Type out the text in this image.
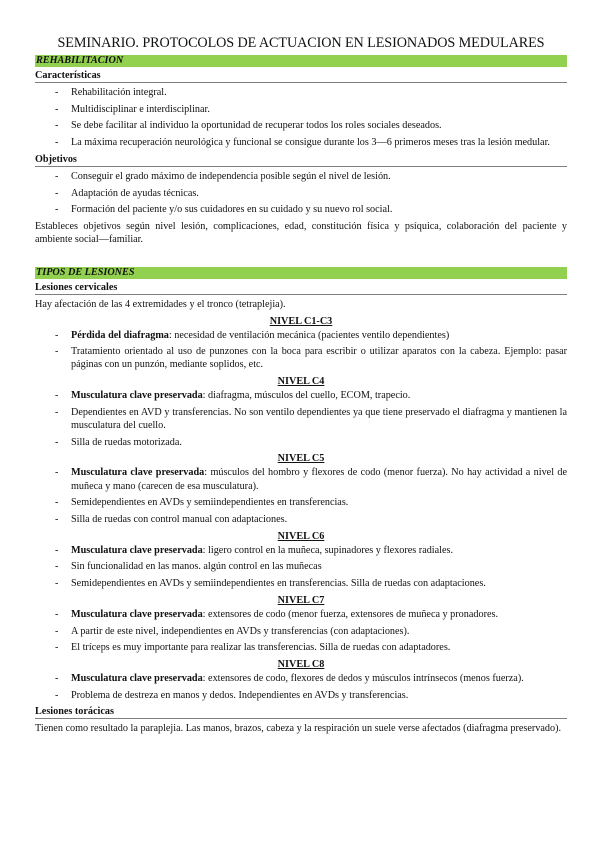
SEMINARIO. PROTOCOLOS DE ACTUACION EN LESIONADOS MEDULARES
REHABILITACION
Características
- Rehabilitación integral.
- Multidisciplinar e interdisciplinar.
- Se debe facilitar al individuo la oportunidad de recuperar todos los roles sociales deseados.
- La máxima recuperación neurológica y funcional se consigue durante los 3—6 primeros meses tras la lesión medular.
Objetivos
- Conseguir el grado máximo de independencia posible según el nivel de lesión.
- Adaptación de ayudas técnicas.
- Formación del paciente y/o sus cuidadores en su cuidado y su nuevo rol social.

Estableces objetivos según nivel lesión, complicaciones, edad, constitución física y psíquica, colaboración del paciente y ambiente social—familiar.

TIPOS DE LESIONES
Lesiones cervicales

Hay afectación de las 4 extremidades y el tronco (tetraplejia).

NIVEL C1-C3
- Pérdida del diafragma: necesidad de ventilación mecánica (pacientes ventilo dependientes)
- Tratamiento orientado al uso de punzones con la boca para escribir o utilizar aparatos con la cabeza. Ejemplo: pasar páginas con un punzón, mediante soplidos, etc.
NIVEL C4
- Musculatura clave preservada: diafragma, músculos del cuello, ECOM, trapecio.
- Dependientes en AVD y transferencias. No son ventilo dependientes ya que tiene preservado el diafragma y mantienen la musculatura del cuello.
- Silla de ruedas motorizada.
NIVEL C5
- Musculatura clave preservada: músculos del hombro y flexores de codo (menor fuerza). No hay actividad a nivel de muñeca y mano (carecen de esa musculatura).
- Semidependientes en AVDs y semiindependientes en transferencias.
- Silla de ruedas con control manual con adaptaciones.
NIVEL C6
- Musculatura clave preservada: ligero control en la muñeca, supinadores y flexores radiales.
- Sin funcionalidad en las manos. algún control en las muñecas
- Semidependientes en AVDs y semiindependientes en transferencias. Silla de ruedas con adaptaciones.
NIVEL C7
- Musculatura clave preservada: extensores de codo (menor fuerza, extensores de muñeca y pronadores.
- A partir de este nivel, independientes en AVDs y transferencias (con adaptaciones).
- El tríceps es muy importante para realizar las transferencias. Silla de ruedas con adaptadores.
NIVEL C8
- Musculatura clave preservada: extensores de codo, flexores de dedos y músculos intrínsecos (menos fuerza).
- Problema de destreza en manos y dedos. Independientes en AVDs y transferencias.
Lesiones torácicas

Tienen como resultado la paraplejia. Las manos, brazos, cabeza y la respiración un suele verse afectados (diafragma preservado).
